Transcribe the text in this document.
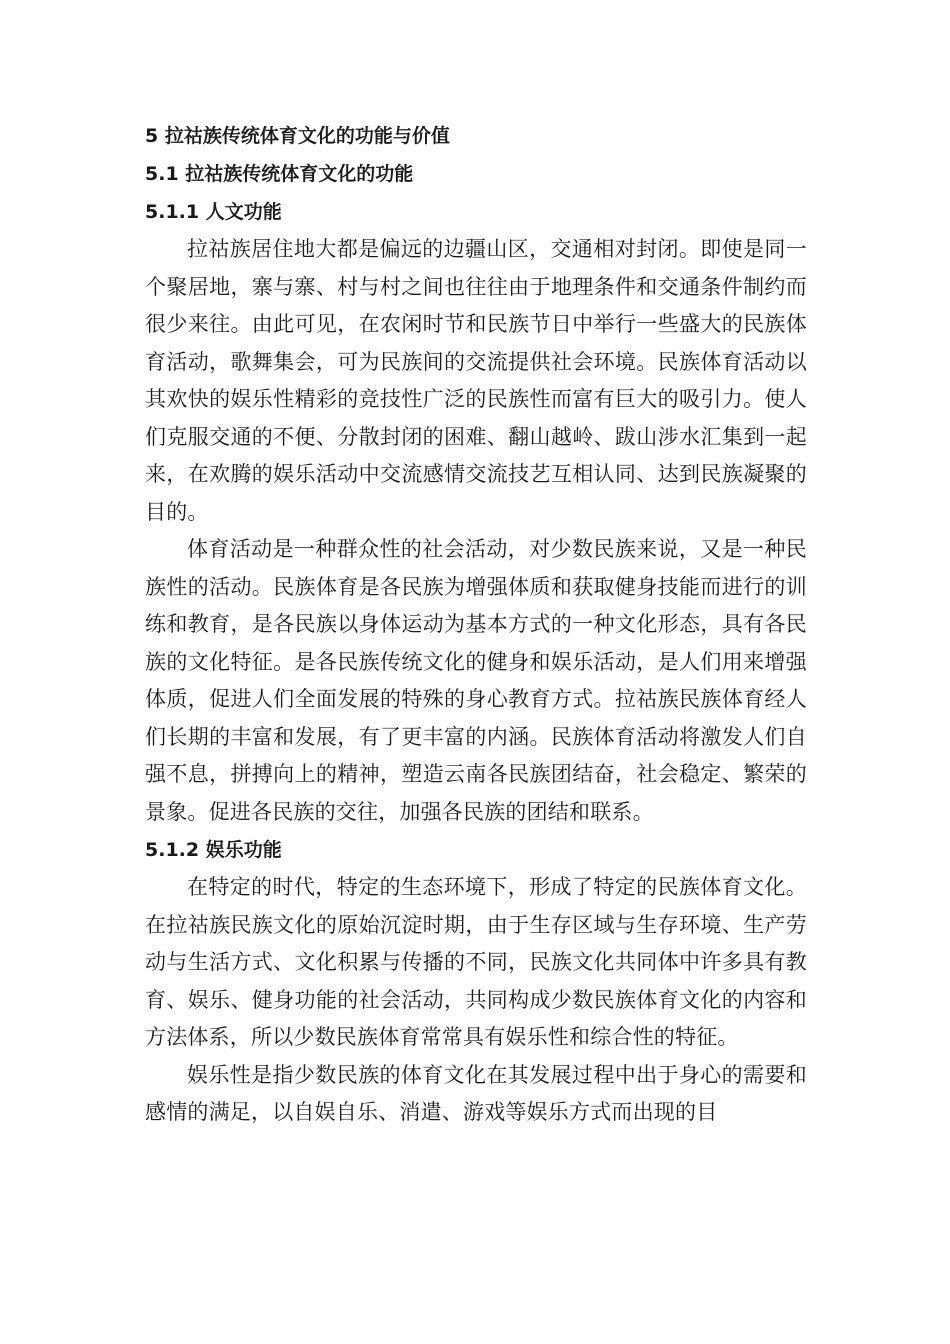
5 拉祜族传统体育文化的功能与价值
5.1 拉祜族传统体育文化的功能
5.1.1 人文功能

拉祜族居住地大都是偏远的边疆山区，交通相对封闭。即使是同一个聚居地，寨与寨、村与村之间也往往由于地理条件和交通条件制约而很少来往。由此可见，在农闲时节和民族节日中举行一些盛大的民族体育活动，歌舞集会，可为民族间的交流提供社会环境。民族体育活动以其欢快的娱乐性精彩的竞技性广泛的民族性而富有巨大的吸引力。使人们克服交通的不便、分散封闭的困难、翻山越岭、跋山涉水汇集到一起来，在欢腾的娱乐活动中交流感情交流技艺互相认同、达到民族凝聚的目的。

体育活动是一种群众性的社会活动，对少数民族来说，又是一种民族性的活动。民族体育是各民族为增强体质和获取健身技能而进行的训练和教育，是各民族以身体运动为基本方式的一种文化形态，具有各民族的文化特征。是各民族传统文化的健身和娱乐活动，是人们用来增强体质，促进人们全面发展的特殊的身心教育方式。拉祜族民族体育经人们长期的丰富和发展，有了更丰富的内涵。民族体育活动将激发人们自强不息，拼搏向上的精神，塑造云南各民族团结奋，社会稳定、繁荣的景象。促进各民族的交往，加强各民族的团结和联系。

5.1.2 娱乐功能

在特定的时代，特定的生态环境下，形成了特定的民族体育文化。在拉祜族民族文化的原始沉淀时期，由于生存区域与生存环境、生产劳动与生活方式、文化积累与传播的不同，民族文化共同体中许多具有教育、娱乐、健身功能的社会活动，共同构成少数民族体育文化的内容和方法体系，所以少数民族体育常常具有娱乐性和综合性的特征。

娱乐性是指少数民族的体育文化在其发展过程中出于身心的需要和感情的满足，以自娱自乐、消遣、游戏等娱乐方式而出现的目
